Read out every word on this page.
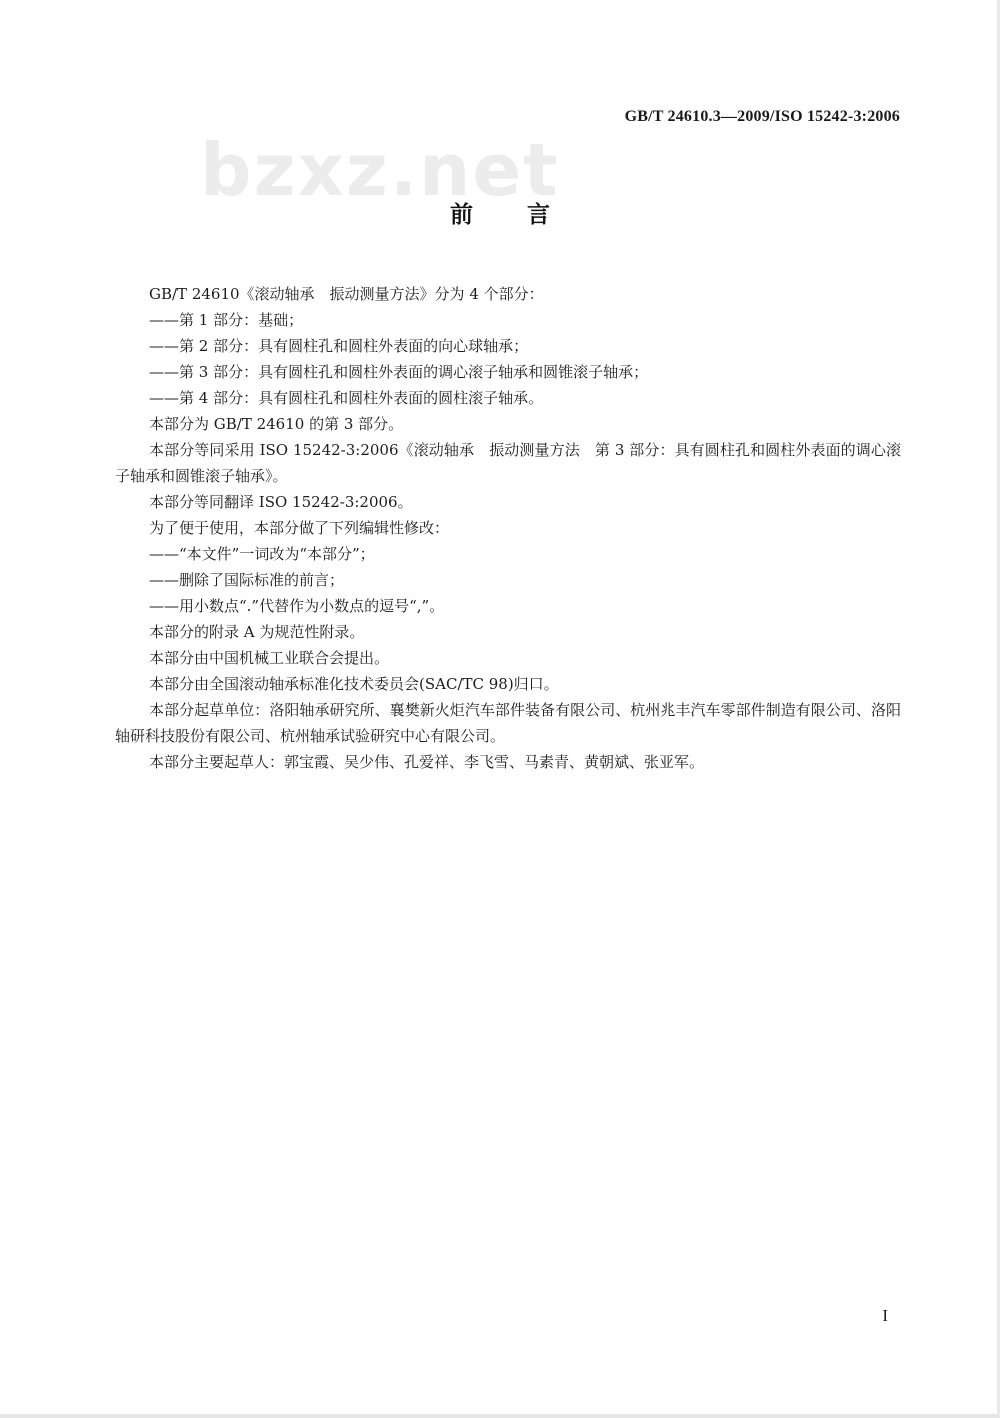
GB/T 24610.3—2009/ISO 15242-3:2006
bzxz.net
前言

GB/T 24610《滚动轴承　振动测量方法》分为 4 个部分：

——第 1 部分：基础；

——第 2 部分：具有圆柱孔和圆柱外表面的向心球轴承；

——第 3 部分：具有圆柱孔和圆柱外表面的调心滚子轴承和圆锥滚子轴承；

——第 4 部分：具有圆柱孔和圆柱外表面的圆柱滚子轴承。

本部分为 GB/T 24610 的第 3 部分。

本部分等同采用 ISO 15242-3:2006《滚动轴承　振动测量方法　第 3 部分：具有圆柱孔和圆柱外表面的调心滚子轴承和圆锥滚子轴承》。

本部分等同翻译 ISO 15242-3:2006。

为了便于使用，本部分做了下列编辑性修改：

——“本文件”一词改为“本部分”；

——删除了国际标准的前言；

——用小数点“.”代替作为小数点的逗号“,”。

本部分的附录 A 为规范性附录。

本部分由中国机械工业联合会提出。

本部分由全国滚动轴承标准化技术委员会(SAC/TC 98)归口。

本部分起草单位：洛阳轴承研究所、襄樊新火炬汽车部件装备有限公司、杭州兆丰汽车零部件制造有限公司、洛阳轴研科技股份有限公司、杭州轴承试验研究中心有限公司。

本部分主要起草人：郭宝霞、吴少伟、孔爱祥、李飞雪、马素青、黄朝斌、张亚军。

I
